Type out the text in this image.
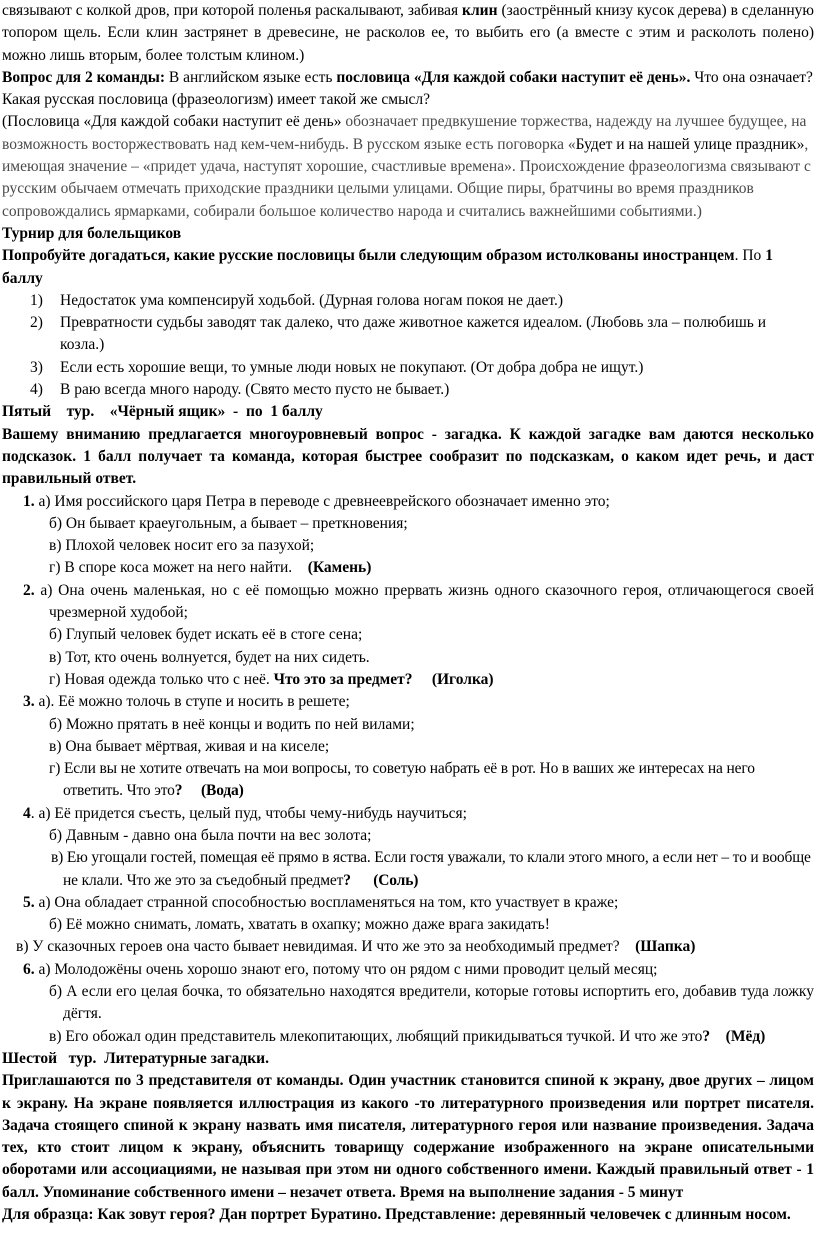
связывают с колкой дров, при которой поленья раскалывают, забивая клин (заострённый книзу кусок дерева) в сделанную топором щель. Если клин застрянет в древесине, не расколов ее, то выбить его (а вместе с этим и расколоть полено) можно лишь вторым, более толстым клином.)

Вопрос для 2 команды: В английском языке есть пословица «Для каждой собаки наступит её день». Что она означает? Какая русская пословица (фразеологизм) имеет такой же смысл?

(Пословица «Для каждой собаки наступит её день» обозначает предвкушение торжества, надежду на лучшее будущее, на возможность восторжествовать над кем-чем-нибудь. В русском языке есть поговорка «Будет и на нашей улице праздник», имеющая значение – «придет удача, наступят хорошие, счастливые времена». Происхождение фразеологизма связывают с русским обычаем отмечать приходские праздники целыми улицами. Общие пиры, братчины во время праздников сопровождались ярмарками, собирали большое количество народа и считались важнейшими событиями.)

Турнир для болельщиков

Попробуйте догадаться, какие русские пословицы были следующим образом истолкованы иностранцем. По 1 баллу

1)	Недостаток ума компенсируй ходьбой. (Дурная голова ногам покоя не дает.)
2)	Превратности судьбы заводят так далеко, что даже животное кажется идеалом. (Любовь зла – полюбишь и козла.)
3)	Если есть хорошие вещи, то умные люди новых не покупают. (От добра добра не ищут.)
4)	В раю всегда много народу. (Свято место пусто не бывает.)

Пятый    тур.    «Чёрный ящик»  -  по  1 баллу

Вашему вниманию предлагается многоуровневый вопрос - загадка. К каждой загадке вам даются несколько подсказок. 1 балл получает та команда, которая быстрее сообразит по подсказкам, о каком идет речь, и даст правильный ответ.

1. а) Имя российского царя Петра в переводе с древнееврейского обозначает именно это;

б) Он бывает краеугольным, а бывает – преткновения;

в) Плохой человек носит его за пазухой;

г) В споре коса может на него найти.    (Камень)

2. а) Она очень маленькая, но с её помощью можно прервать жизнь одного сказочного героя, отличающегося своей чрезмерной худобой;

б) Глупый человек будет искать её в стоге сена;

в) Тот, кто очень волнуется, будет на них сидеть.

г) Новая одежда только что с неё. Что это за предмет?     (Иголка)

3. а). Её можно толочь в ступе и носить в решете;

б) Можно прятать в неё концы и водить по ней вилами;

в) Она бывает мёртвая, живая и на киселе;

г) Если вы не хотите отвечать на мои вопросы, то советую набрать её в рот. Но в ваших же интересах на него ответить. Что это?     (Вода)

4. а) Её придется съесть, целый пуд, чтобы чему-нибудь научиться;

б) Давным - давно она была почти на вес золота;

в) Ею угощали гостей, помещая её прямо в яства. Если гостя уважали, то клали этого много, а если нет – то и вообще не клали. Что же это за съедобный предмет?      (Соль)

5. а) Она обладает странной способностью воспламеняться на том, кто участвует в краже;

б) Её можно снимать, ломать, хватать в охапку; можно даже врага закидать!

в) У сказочных героев она часто бывает невидимая. И что же это за необходимый предмет?    (Шапка)

6. а) Молодожёны очень хорошо знают его, потому что он рядом с ними проводит целый месяц;

б) А если его целая бочка, то обязательно находятся вредители, которые готовы испортить его, добавив туда ложку дёгтя.

в) Его обожал один представитель млекопитающих, любящий прикидываться тучкой. И что же это?    (Мёд)

Шестой   тур.  Литературные загадки.

Приглашаются по 3 представителя от команды. Один участник становится спиной к экрану, двое других – лицом к экрану. На экране появляется иллюстрация из какого -то литературного произведения или портрет писателя. Задача стоящего спиной к экрану назвать имя писателя, литературного героя или название произведения. Задача тех, кто стоит лицом к экрану, объяснить товарищу содержание изображенного на экране описательными оборотами или ассоциациями, не называя при этом ни одного собственного имени. Каждый правильный ответ - 1 балл. Упоминание собственного имени – незачет ответа. Время на выполнение задания - 5 минут

Для образца: Как зовут героя? Дан портрет Буратино. Представление: деревянный человечек с длинным носом.
